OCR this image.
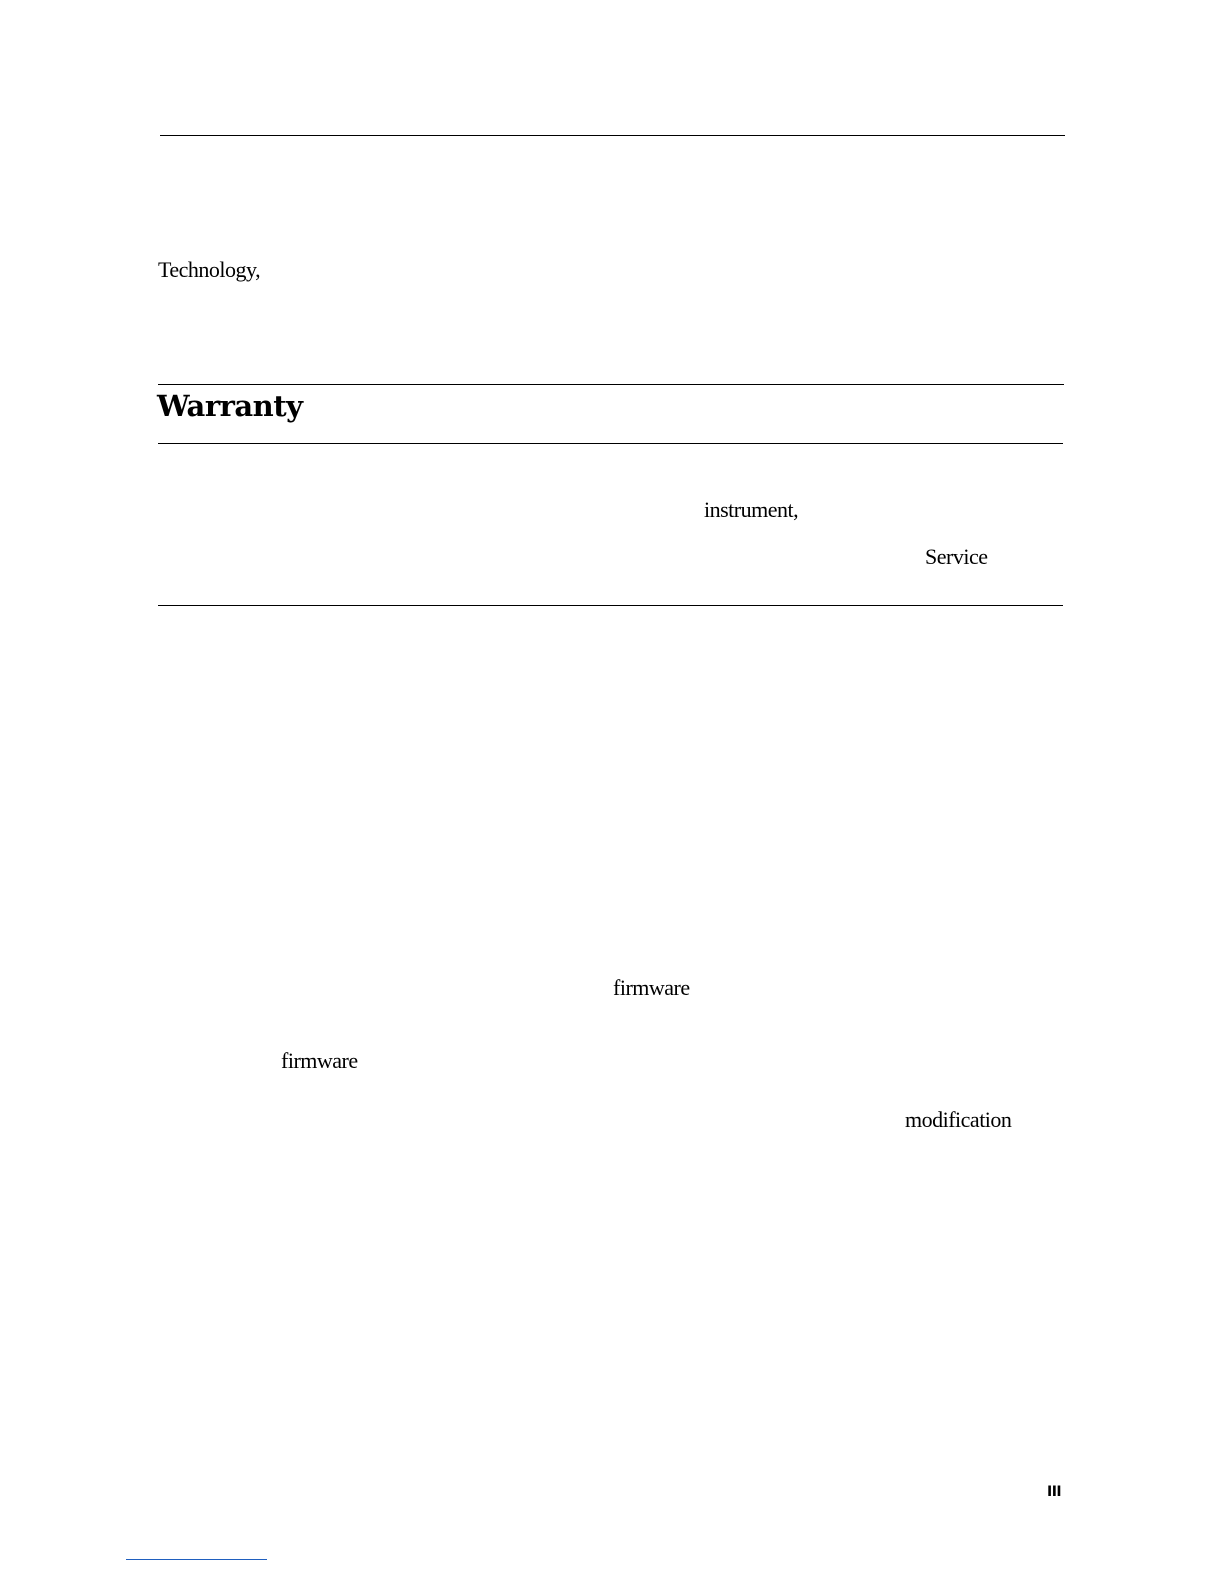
Technology,
Warranty
instrument,
Service
firmware
firmware
modification
III
